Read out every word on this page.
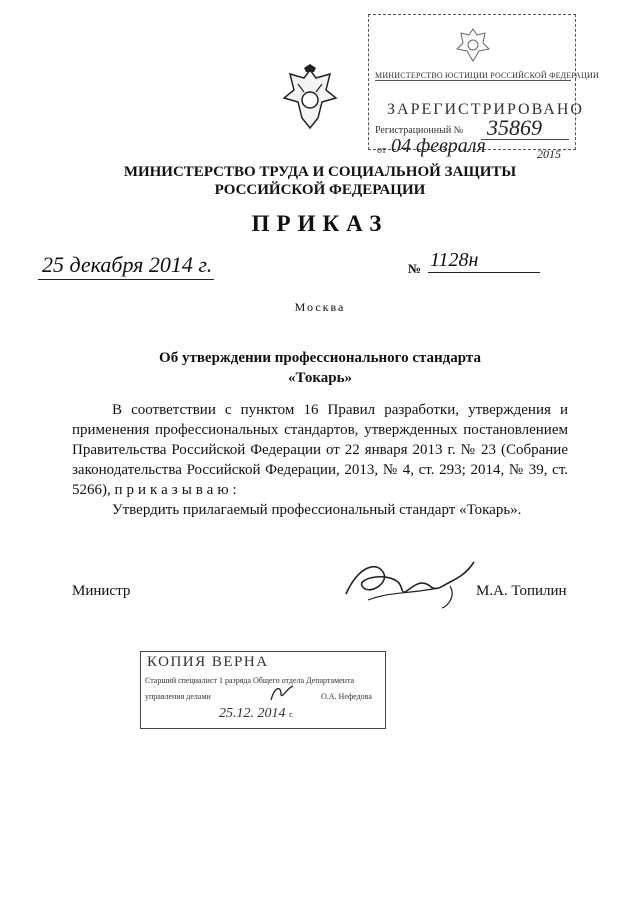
МИНИСТЕРСТВО ЮСТИЦИИ РОССИЙСКОЙ ФЕДЕРАЦИИ
ЗАРЕГИСТРИРОВАНО
Регистрационный № 35869
от 04 февраля	2015
МИНИСТЕРСТВО ТРУДА И СОЦИАЛЬНОЙ ЗАЩИТЫ
РОССИЙСКОЙ ФЕДЕРАЦИИ
ПРИКАЗ
25 декабря 2014 г.	№ 1128н
Москва
Об утверждении профессионального стандарта
«Токарь»
В соответствии с пунктом 16 Правил разработки, утверждения и применения профессиональных стандартов, утвержденных постановлением Правительства Российской Федерации от 22 января 2013 г. № 23 (Собрание законодательства Российской Федерации, 2013, № 4, ст. 293; 2014, № 39, ст. 5266), приказываю:
Утвердить прилагаемый профессиональный стандарт «Токарь».
Министр	М.А. Топилин
КОПИЯ ВЕРНА
Старший специалист 1 разряда Общего отдела Департамента
управления делами	О.А. Нефедова
25.12. 2014 г.
